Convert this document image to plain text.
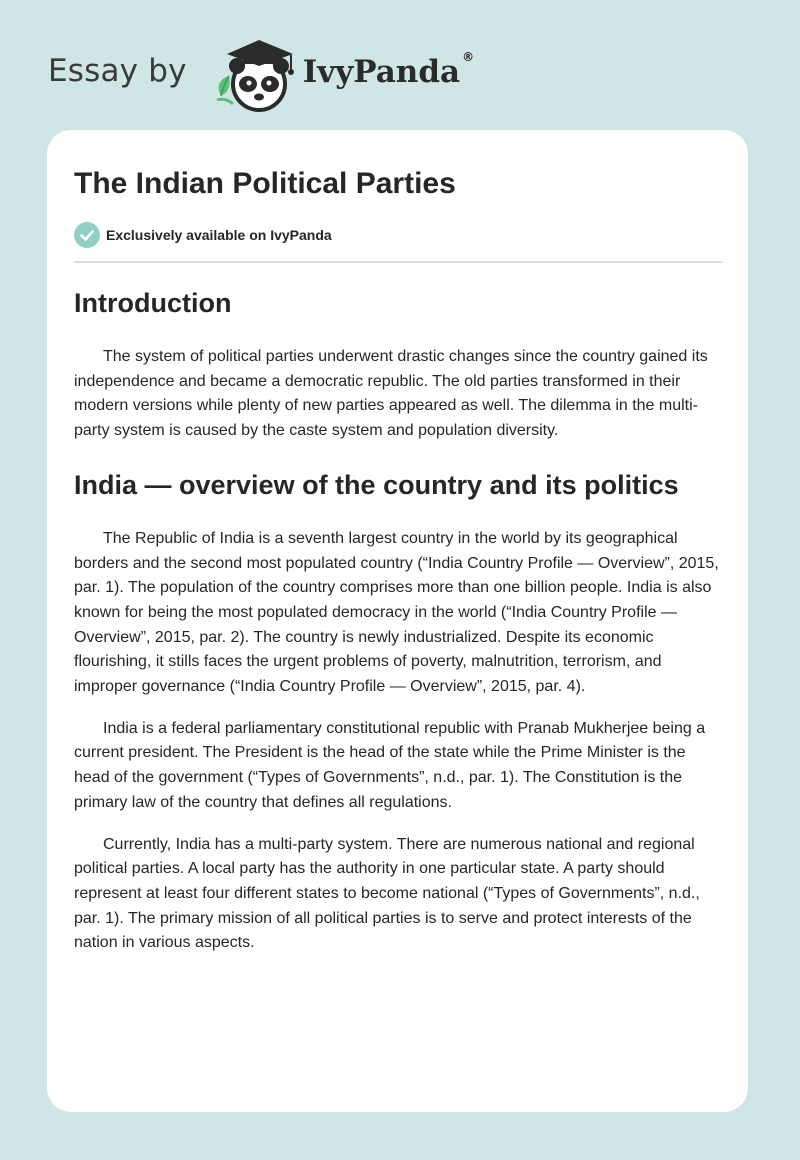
Essay by	IvyPanda ®
The Indian Political Parties
Exclusively available on IvyPanda
Introduction

The system of political parties underwent drastic changes since the country gained its independence and became a democratic republic. The old parties transformed in their modern versions while plenty of new parties appeared as well. The dilemma in the multi-party system is caused by the caste system and population diversity.

India — overview of the country and its politics

The Republic of India is a seventh largest country in the world by its geographical borders and the second most populated country (“India Country Profile — Overview”, 2015, par. 1). The population of the country comprises more than one billion people. India is also known for being the most populated democracy in the world (“India Country Profile — Overview”, 2015, par. 2). The country is newly industrialized. Despite its economic flourishing, it stills faces the urgent problems of poverty, malnutrition, terrorism, and improper governance (“India Country Profile — Overview”, 2015, par. 4).

India is a federal parliamentary constitutional republic with Pranab Mukherjee being a current president. The President is the head of the state while the Prime Minister is the head of the government (“Types of Governments”, n.d., par. 1). The Constitution is the primary law of the country that defines all regulations.

Currently, India has a multi-party system. There are numerous national and regional political parties. A local party has the authority in one particular state. A party should represent at least four different states to become national (“Types of Governments”, n.d., par. 1). The primary mission of all political parties is to serve and protect interests of the nation in various aspects.
